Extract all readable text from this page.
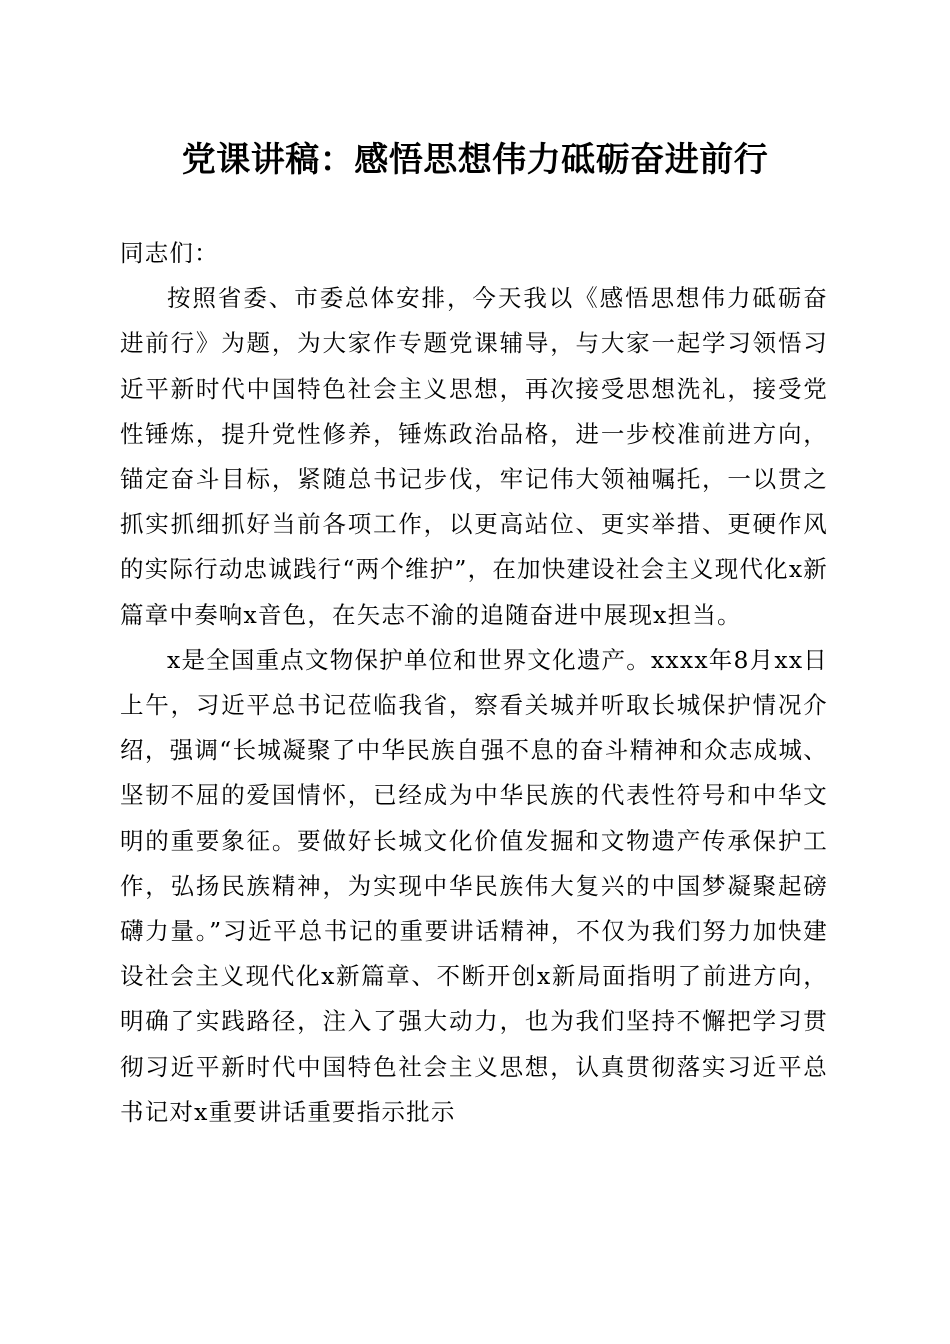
党课讲稿：感悟思想伟力砥砺奋进前行

同志们：

按照省委、市委总体安排，今天我以《感悟思想伟力砥砺奋进前行》为题，为大家作专题党课辅导，与大家一起学习领悟习近平新时代中国特色社会主义思想，再次接受思想洗礼，接受党性锤炼，提升党性修养，锤炼政治品格，进一步校准前进方向，锚定奋斗目标，紧随总书记步伐，牢记伟大领袖嘱托，一以贯之抓实抓细抓好当前各项工作，以更高站位、更实举措、更硬作风的实际行动忠诚践行“两个维护”，在加快建设社会主义现代化x新篇章中奏响x音色，在矢志不渝的追随奋进中展现x担当。

x是全国重点文物保护单位和世界文化遗产。xxxx年8月xx日上午，习近平总书记莅临我省，察看关城并听取长城保护情况介绍，强调“长城凝聚了中华民族自强不息的奋斗精神和众志成城、坚韧不屈的爱国情怀，已经成为中华民族的代表性符号和中华文明的重要象征。要做好长城文化价值发掘和文物遗产传承保护工作，弘扬民族精神，为实现中华民族伟大复兴的中国梦凝聚起磅礴力量。”习近平总书记的重要讲话精神，不仅为我们努力加快建设社会主义现代化x新篇章、不断开创x新局面指明了前进方向，明确了实践路径，注入了强大动力，也为我们坚持不懈把学习贯彻习近平新时代中国特色社会主义思想，认真贯彻落实习近平总书记对x重要讲话重要指示批示
